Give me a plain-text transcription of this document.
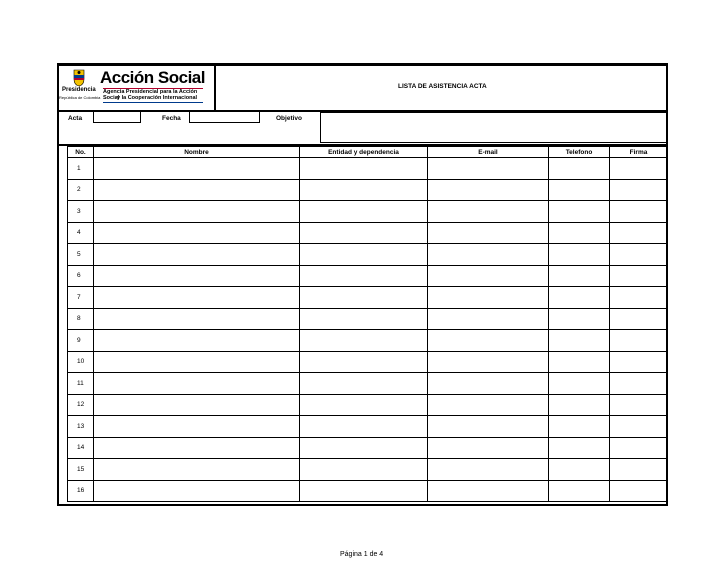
Presidencia
República de Colombia
Acción Social
Agencia Presidencial para la Acción Social
y la Cooperación Internacional
LISTA DE ASISTENCIA ACTA
Acta	Fecha	Objetivo
No.	Nombre	Entidad y dependencia	E-mail	Telefono	Firma
1					
2					
3					
4					
5					
6					
7					
8					
9					
10					
11					
12					
13					
14					
15					
16					
Página 1 de 4
